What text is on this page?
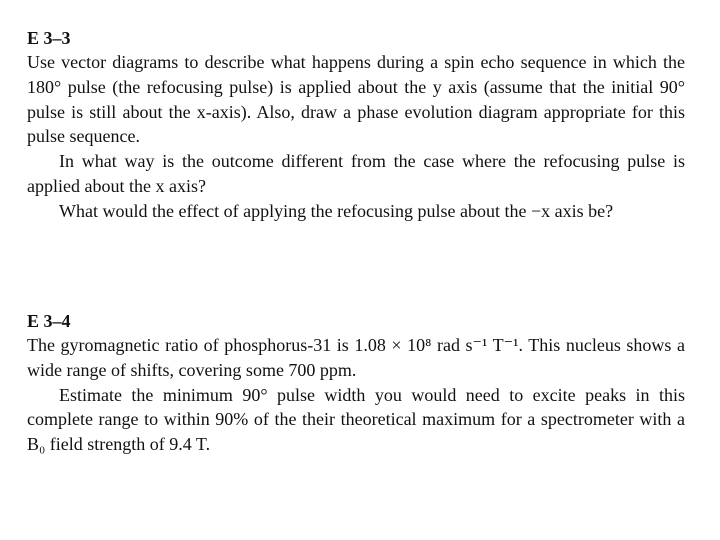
E 3–3

Use vector diagrams to describe what happens during a spin echo sequence in which the 180° pulse (the refocusing pulse) is applied about the y axis (assume that the initial 90° pulse is still about the x-axis). Also, draw a phase evolution diagram appropriate for this pulse sequence.

In what way is the outcome different from the case where the refocusing pulse is applied about the x axis?

What would the effect of applying the refocusing pulse about the −x axis be?

E 3–4

The gyromagnetic ratio of phosphorus-31 is 1.08 × 10⁸ rad s⁻¹ T⁻¹. This nucleus shows a wide range of shifts, covering some 700 ppm.

Estimate the minimum 90° pulse width you would need to excite peaks in this complete range to within 90% of the their theoretical maximum for a spectrometer with a B₀ field strength of 9.4 T.
